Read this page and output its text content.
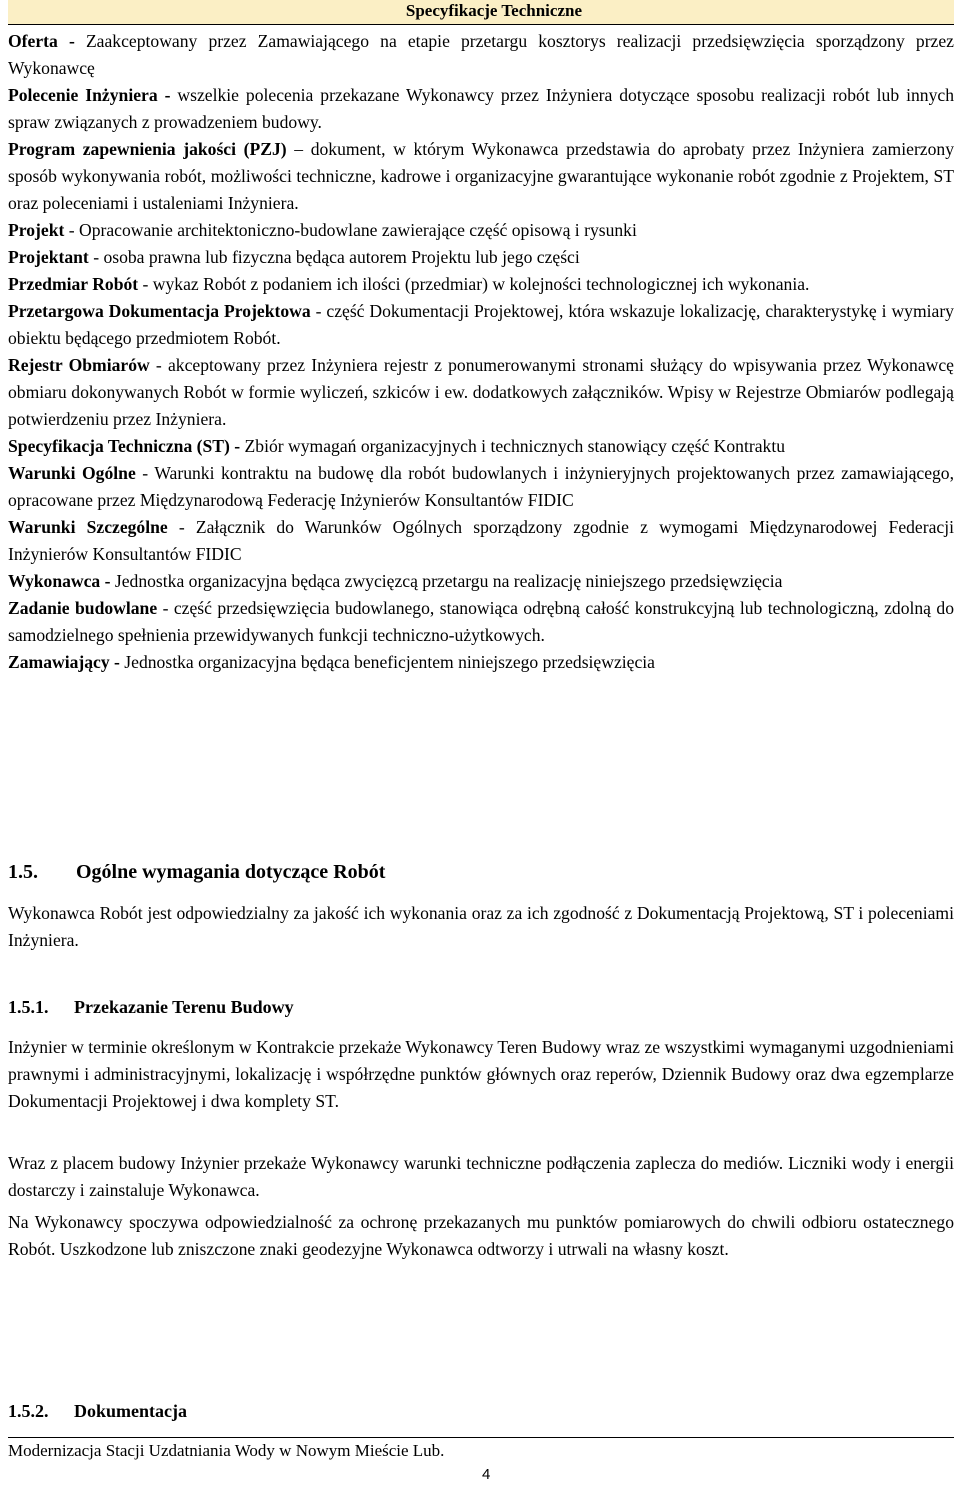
Specyfikacje Techniczne

Oferta - Zaakceptowany przez Zamawiającego na etapie przetargu kosztorys realizacji przedsięwzięcia sporządzony przez Wykonawcę

Polecenie Inżyniera - wszelkie polecenia przekazane Wykonawcy przez Inżyniera dotyczące sposobu realizacji robót lub innych spraw związanych z prowadzeniem budowy.

Program zapewnienia jakości (PZJ) – dokument, w którym Wykonawca przedstawia do aprobaty przez Inżyniera zamierzony sposób wykonywania robót, możliwości techniczne, kadrowe i organizacyjne gwarantujące wykonanie robót zgodnie z Projektem, ST oraz poleceniami i ustaleniami Inżyniera.

Projekt - Opracowanie architektoniczno-budowlane zawierające część opisową i rysunki

Projektant - osoba prawna lub fizyczna będąca autorem Projektu lub jego części

Przedmiar Robót - wykaz Robót z podaniem ich ilości (przedmiar) w kolejności technologicznej ich wykonania.

Przetargowa Dokumentacja Projektowa - część Dokumentacji Projektowej, która wskazuje lokalizację, charakterystykę i wymiary obiektu będącego przedmiotem Robót.

Rejestr Obmiarów - akceptowany przez Inżyniera rejestr z ponumerowanymi stronami służący do wpisywania przez Wykonawcę obmiaru dokonywanych Robót w formie wyliczeń, szkiców i ew. dodatkowych załączników. Wpisy w Rejestrze Obmiarów podlegają potwierdzeniu przez Inżyniera.

Specyfikacja Techniczna (ST) - Zbiór wymagań organizacyjnych i technicznych stanowiący część Kontraktu

Warunki Ogólne - Warunki kontraktu na budowę dla robót budowlanych i inżynieryjnych projektowanych przez zamawiającego, opracowane przez Międzynarodową Federację Inżynierów Konsultantów FIDIC

Warunki Szczególne - Załącznik do Warunków Ogólnych sporządzony zgodnie z wymogami Międzynarodowej Federacji Inżynierów Konsultantów FIDIC

Wykonawca - Jednostka organizacyjna będąca zwycięzcą przetargu na realizację niniejszego przedsięwzięcia

Zadanie budowlane - część przedsięwzięcia budowlanego, stanowiąca odrębną całość konstrukcyjną lub technologiczną, zdolną do samodzielnego spełnienia przewidywanych funkcji techniczno-użytkowych.

Zamawiający - Jednostka organizacyjna będąca beneficjentem niniejszego przedsięwzięcia

1.5. Ogólne wymagania dotyczące Robót

Wykonawca Robót jest odpowiedzialny za jakość ich wykonania oraz za ich zgodność z Dokumentacją Projektową, ST i poleceniami Inżyniera.

1.5.1. Przekazanie Terenu Budowy

Inżynier w terminie określonym w Kontrakcie przekaże Wykonawcy Teren Budowy wraz ze wszystkimi wymaganymi uzgodnieniami prawnymi i administracyjnymi, lokalizację i współrzędne punktów głównych oraz reperów, Dziennik Budowy oraz dwa egzemplarze Dokumentacji Projektowej i dwa komplety ST.

Wraz z placem budowy Inżynier przekaże Wykonawcy warunki techniczne podłączenia zaplecza do mediów. Liczniki wody i energii dostarczy i zainstaluje Wykonawca.

Na Wykonawcy spoczywa odpowiedzialność za ochronę przekazanych mu punktów pomiarowych do chwili odbioru ostatecznego Robót. Uszkodzone lub zniszczone znaki geodezyjne Wykonawca odtworzy i utrwali na własny koszt.

1.5.2. Dokumentacja
Modernizacja Stacji Uzdatniania Wody w Nowym Mieście Lub.
4
